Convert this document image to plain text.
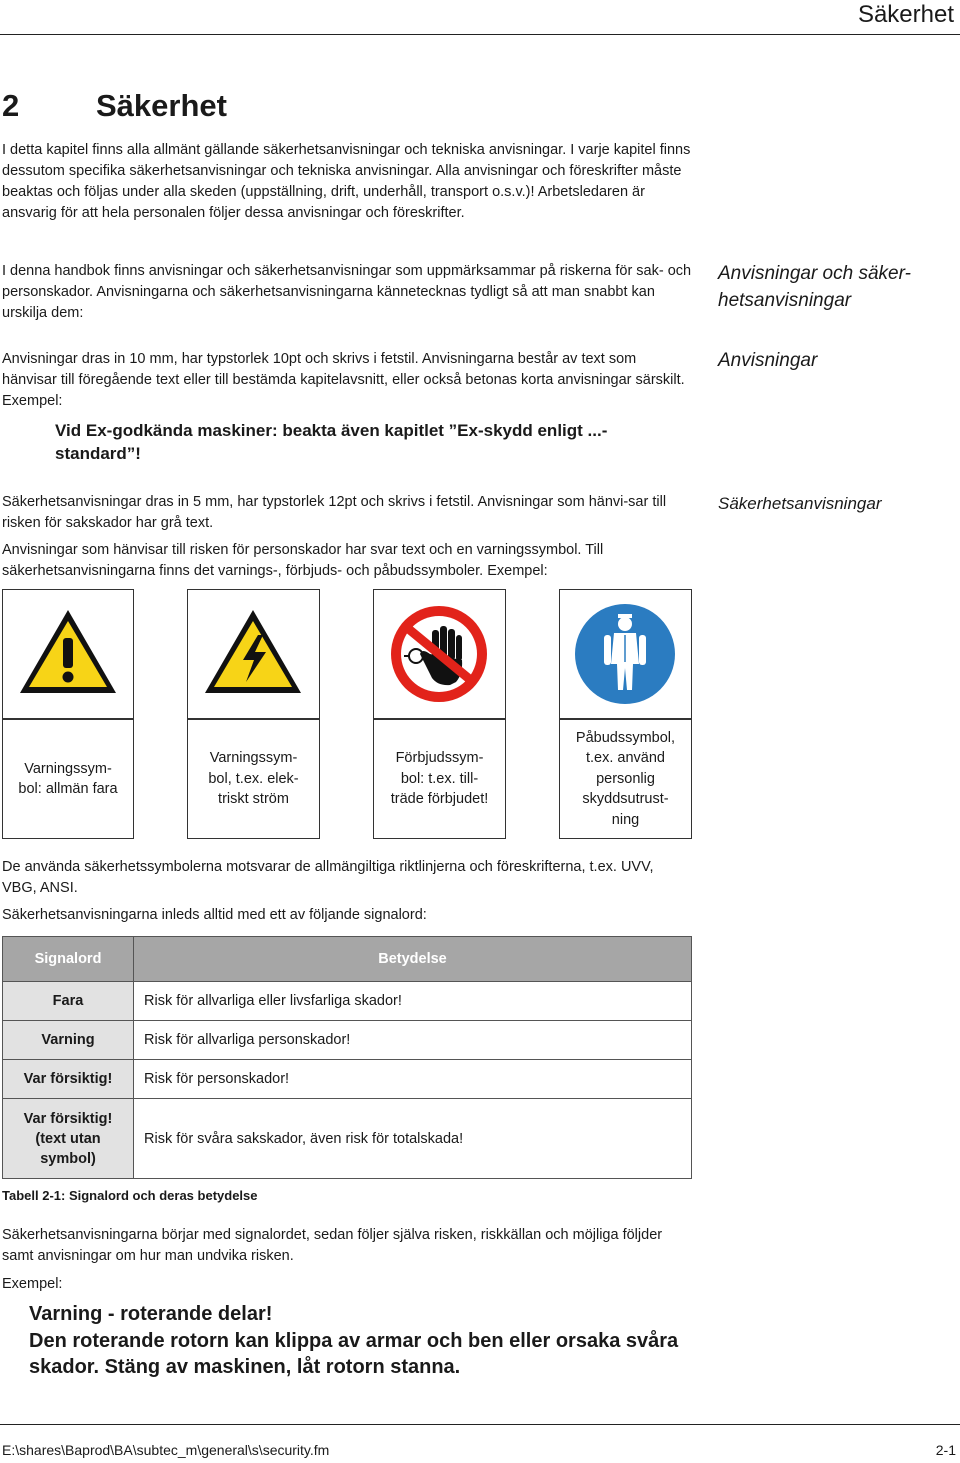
Säkerhet
2 Säkerhet

I detta kapitel finns alla allmänt gällande säkerhetsanvisningar och tekniska anvisningar. I varje kapitel finns dessutom specifika säkerhetsanvisningar och tekniska anvisningar. Alla anvisningar och föreskrifter måste beaktas och följas under alla skeden (uppställning, drift, underhåll, transport o.s.v.)! Arbetsledaren är ansvarig för att hela personalen följer dessa anvisningar och föreskrifter.

I denna handbok finns anvisningar och säkerhetsanvisningar som uppmärksammar på riskerna för sak- och personskador. Anvisningarna och säkerhetsanvisningarna kännetecknas tydligt så att man snabbt kan urskilja dem:

Anvisningar och säker-hetsanvisningar

Anvisningar dras in 10 mm, har typstorlek 10pt och skrivs i fetstil. Anvisningarna består av text som hänvisar till föregående text eller till bestämda kapitelavsnitt, eller också betonas korta anvisningar särskilt. Exempel:

Anvisningar
Vid Ex-godkända maskiner: beakta även kapitlet ”Ex-skydd enligt ...-standard”!

Säkerhetsanvisningar dras in 5 mm, har typstorlek 12pt och skrivs i fetstil. Anvisningar som hänvi-sar till risken för sakskador har grå text.

Säkerhetsanvisningar

Anvisningar som hänvisar till risken för personskador har svar text och en varningssymbol. Till säkerhetsanvisningarna finns det varnings-, förbjuds- och påbudssymboler. Exempel:

Varningssym-bol: allmän fara
Varningssym-bol, t.ex. elek-triskt ström
Förbjudssym-bol: t.ex. till-träde förbjudet!
Påbudssymbol, t.ex. använd personlig skyddsutrust-ning

De använda säkerhetssymbolerna motsvarar de allmängiltiga riktlinjerna och föreskrifterna, t.ex. UVV, VBG, ANSI.

Säkerhetsanvisningarna inleds alltid med ett av följande signalord:

Signalord	Betydelse
Fara	Risk för allvarliga eller livsfarliga skador!
Varning	Risk för allvarliga personskador!
Var försiktig!	Risk för personskador!
Var försiktig! (text utan symbol)	Risk för svåra sakskador, även risk för totalskada!
Tabell 2-1: Signalord och deras betydelse

Säkerhetsanvisningarna börjar med signalordet, sedan följer själva risken, riskkällan och möjliga följder samt anvisningar om hur man undvika risken.

Exempel:
Varning - roterande delar!
Den roterande rotorn kan klippa av armar och ben eller orsaka svåra skador. Stäng av maskinen, låt rotorn stanna.
E:\shares\Baprod\BA\subtec_m\general\s\security.fm	2-1
